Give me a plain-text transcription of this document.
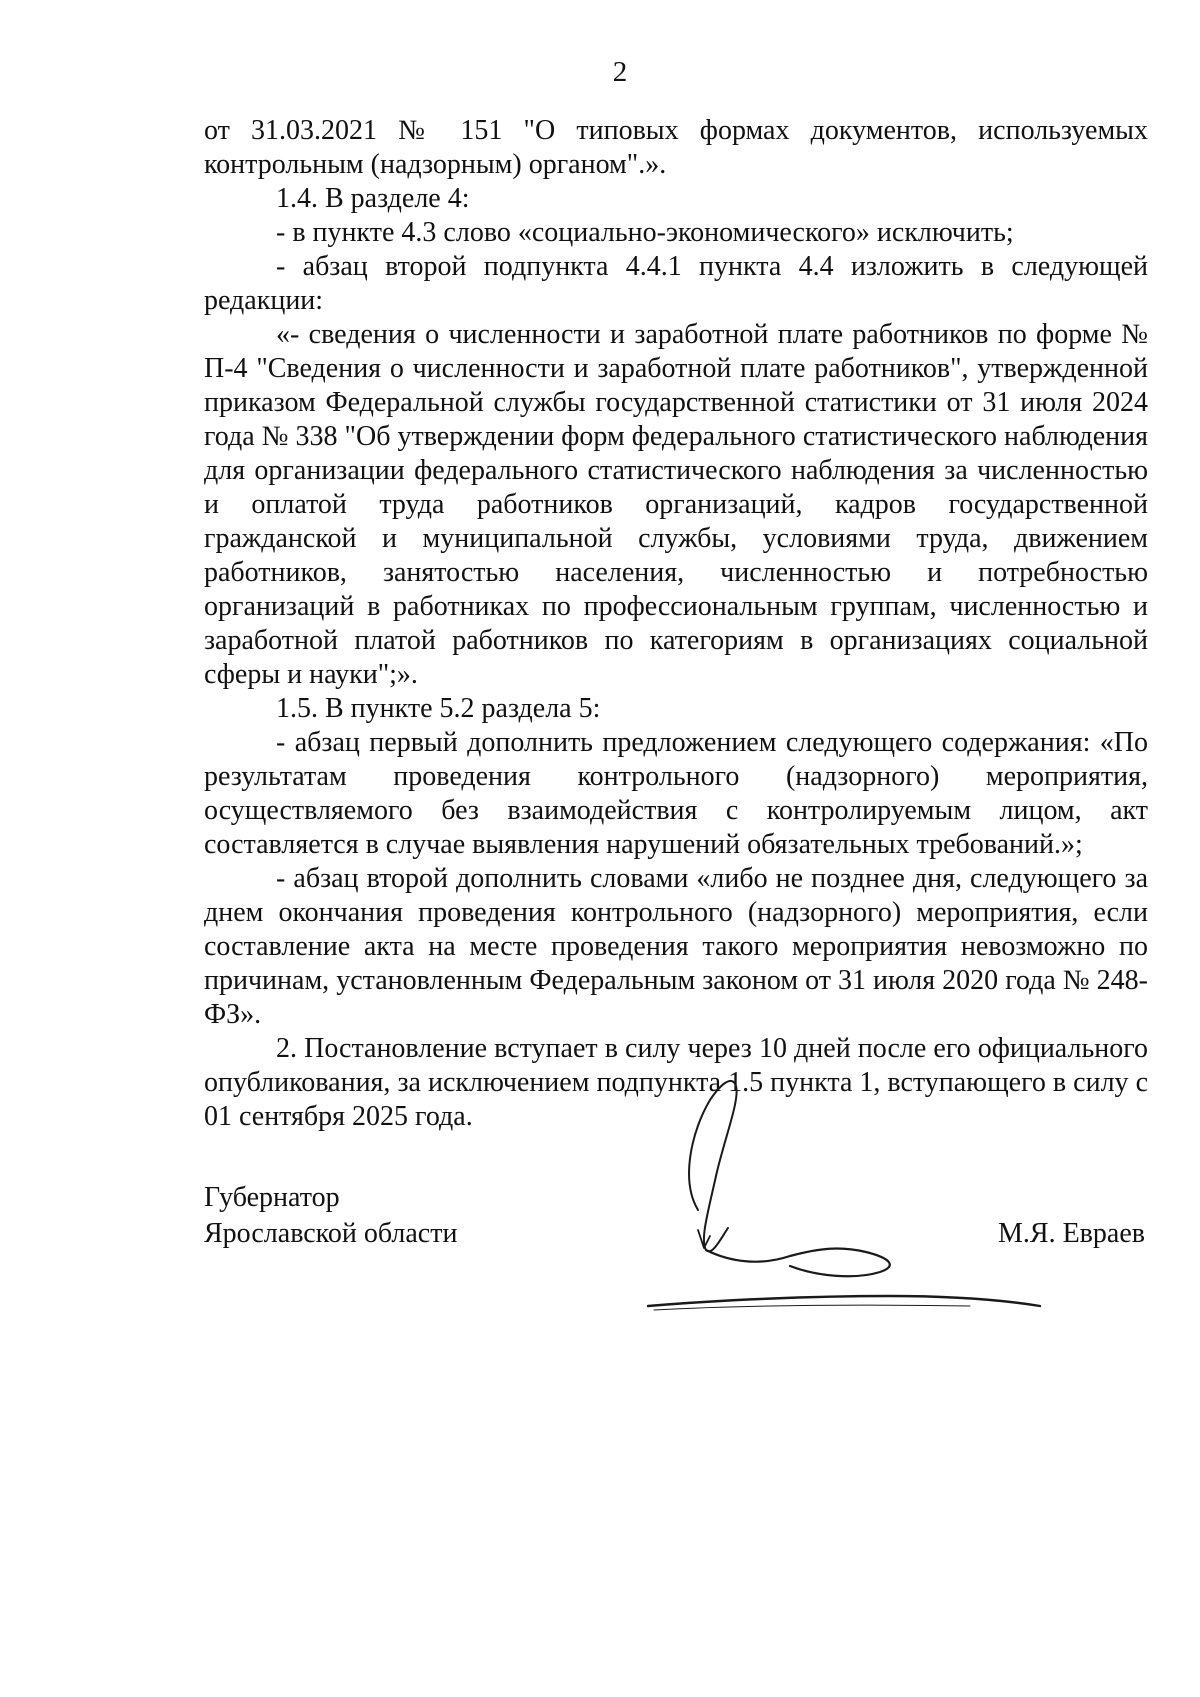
2

от 31.03.2021 № 151 "О типовых формах документов, используемых контрольным (надзорным) органом".».

1.4. В разделе 4:

- в пункте 4.3 слово «социально-экономического» исключить;

- абзац второй подпункта 4.4.1 пункта 4.4 изложить в следующей редакции:

«- сведения о численности и заработной плате работников по форме № П-4 "Сведения о численности и заработной плате работников", утвержденной приказом Федеральной службы государственной статистики от 31 июля 2024 года № 338 "Об утверждении форм федерального статистического наблюдения для организации федерального статистического наблюдения за численностью и оплатой труда работников организаций, кадров государственной гражданской и муниципальной службы, условиями труда, движением работников, занятостью населения, численностью и потребностью организаций в работниках по профессиональным группам, численностью и заработной платой работников по категориям в организациях социальной сферы и науки";».

1.5. В пункте 5.2 раздела 5:

- абзац первый дополнить предложением следующего содержания: «По результатам проведения контрольного (надзорного) мероприятия, осуществляемого без взаимодействия с контролируемым лицом, акт составляется в случае выявления нарушений обязательных требований.»;

- абзац второй дополнить словами «либо не позднее дня, следующего за днем окончания проведения контрольного (надзорного) мероприятия, если составление акта на месте проведения такого мероприятия невозможно по причинам, установленным Федеральным законом от 31 июля 2020 года № 248-ФЗ».

2. Постановление вступает в силу через 10 дней после его официального опубликования, за исключением подпункта 1.5 пункта 1, вступающего в силу с 01 сентября 2025 года.

Губернатор
Ярославской области	М.Я. Евраев
